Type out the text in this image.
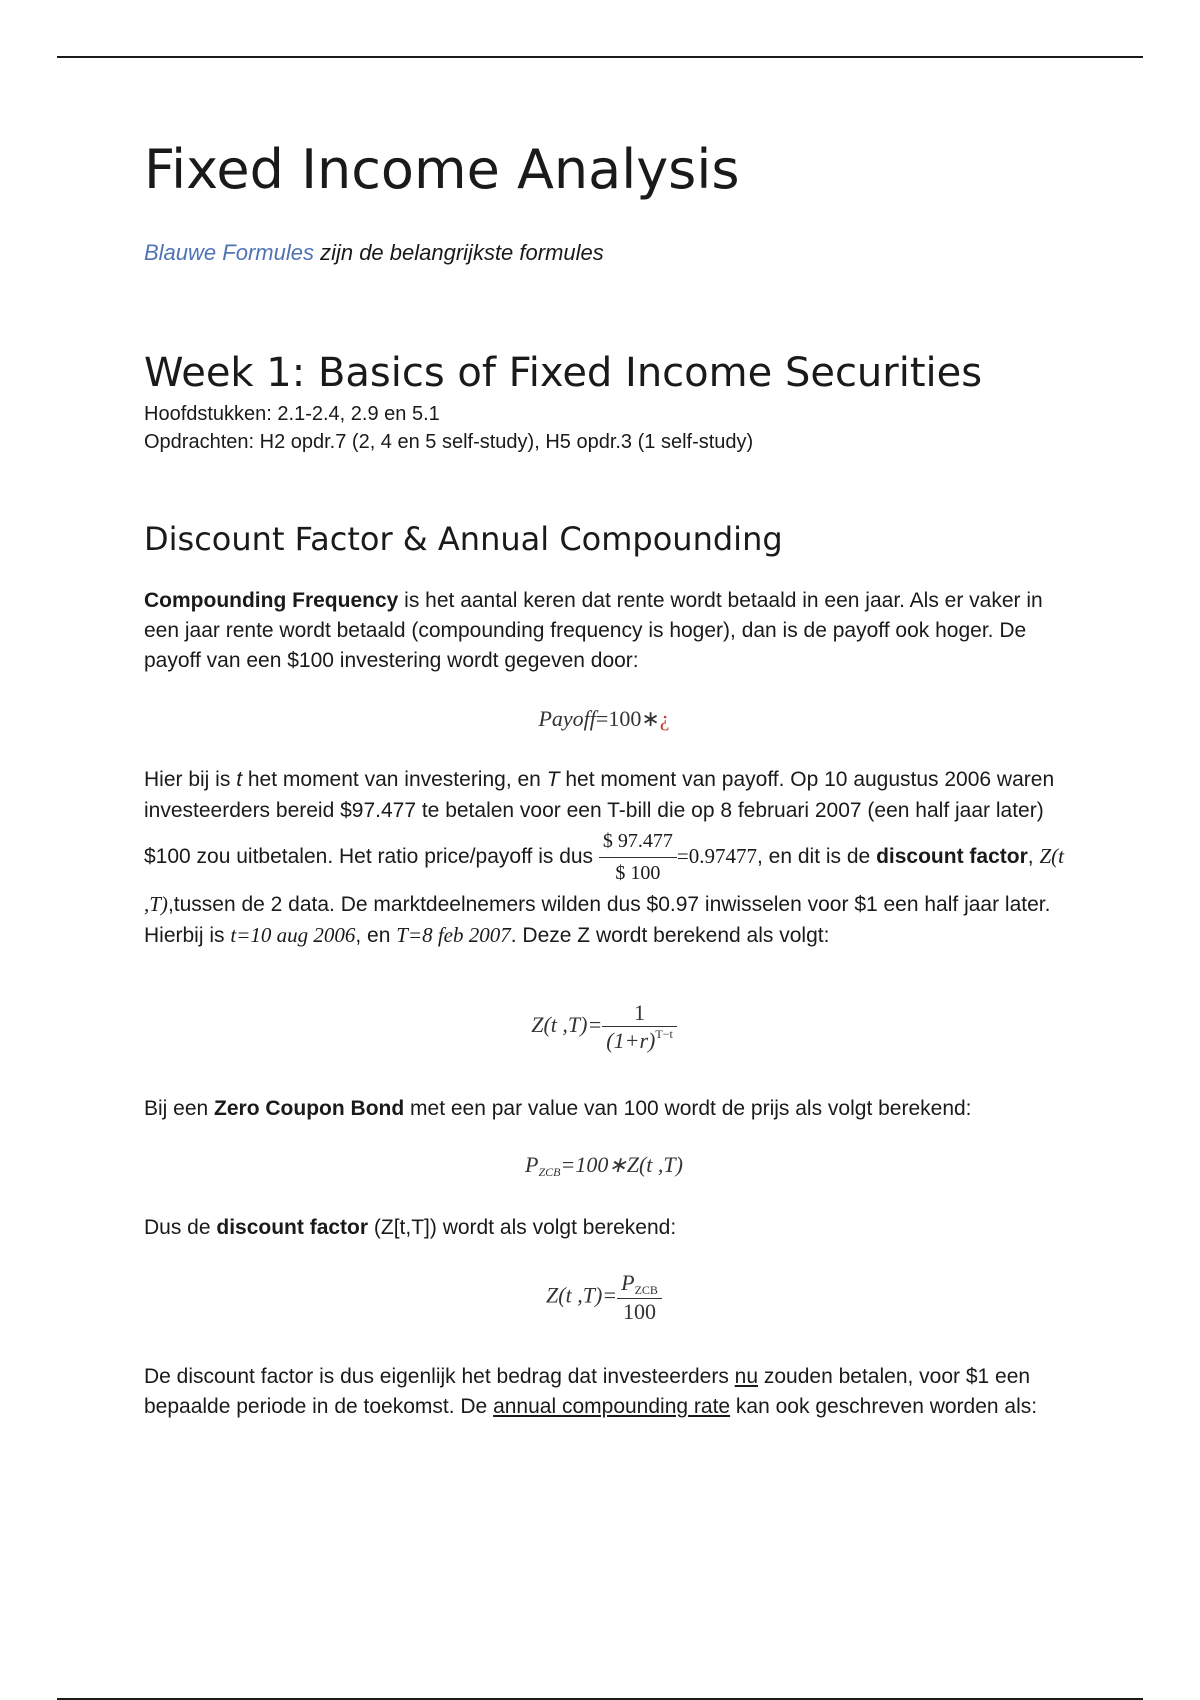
Fixed Income Analysis
Blauwe Formules zijn de belangrijkste formules
Week 1: Basics of Fixed Income Securities
Hoofdstukken: 2.1-2.4, 2.9 en 5.1
Opdrachten: H2 opdr.7 (2, 4 en 5 self-study), H5 opdr.3 (1 self-study)
Discount Factor & Annual Compounding
Compounding Frequency is het aantal keren dat rente wordt betaald in een jaar. Als er vaker in een jaar rente wordt betaald (compounding frequency is hoger), dan is de payoff ook hoger. De payoff van een $100 investering wordt gegeven door:
Payoff=100∗¿
Hier bij is t het moment van investering, en T het moment van payoff. Op 10 augustus 2006 waren investeerders bereid $97.477 te betalen voor een T-bill die op 8 februari 2007 (een half jaar later) $100 zou uitbetalen. Het ratio price/payoff is dus $\frac{\$ 97.477}{\$ 100} =0.97477$, en dit is de discount factor, Z(t ,T),tussen de 2 data. De marktdeelnemers wilden dus $0.97 inwisselen voor $1 een half jaar later. Hierbij is t=10 aug 2006, en T=8 feb 2007. Deze Z wordt berekend als volgt:
Z(t $,T)= \frac{1}{(1+r)^{T-t}}$
Bij een Zero Coupon Bond met een par value van 100 wordt de prijs als volgt berekend:
$P_{ZCB}=100∗Z(t$ ,T)
Dus de discount factor (Z[t,T]) wordt als volgt berekend:
Z(t $,T)= \frac{P_{ZCB}}{100}$
De discount factor is dus eigenlijk het bedrag dat investeerders nu zouden betalen, voor $1 een bepaalde periode in de toekomst. De annual compounding rate kan ook geschreven worden als:
